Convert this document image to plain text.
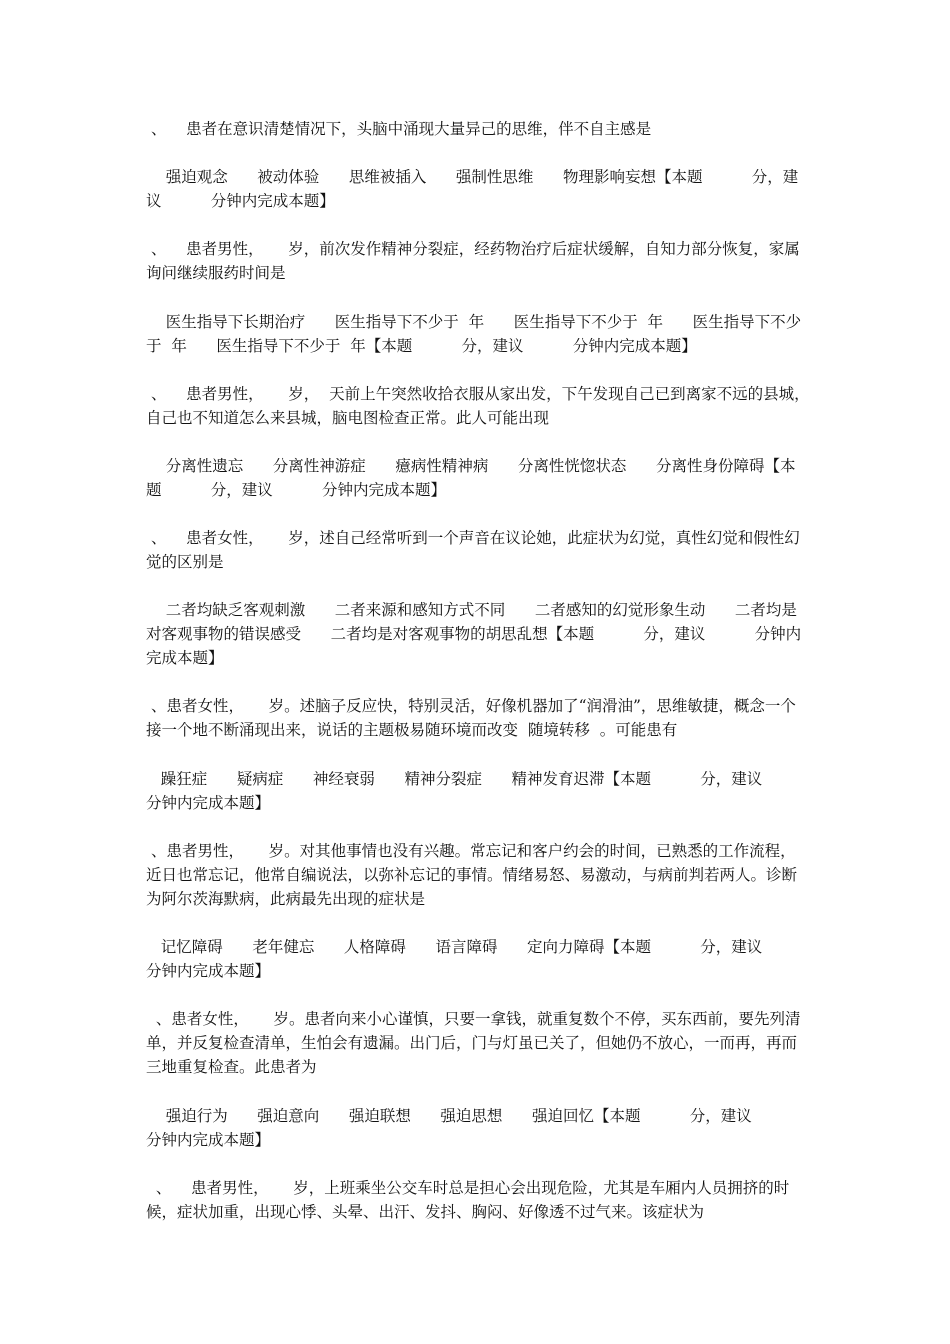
、    患者在意识清楚情况下，头脑中涌现大量异己的思维，伴不自主感是

强迫观念      被动体验      思维被插入      强制性思维      物理影响妄想【本题          分，建议          分钟内完成本题】

、    患者男性，     岁，前次发作精神分裂症，经药物治疗后症状缓解，自知力部分恢复，家属询问继续服药时间是

医生指导下长期治疗      医生指导下不少于  年      医生指导下不少于  年      医生指导下不少于  年      医生指导下不少于  年【本题          分，建议          分钟内完成本题】

、    患者男性，     岁，  天前上午突然收拾衣服从家出发，下午发现自己已到离家不远的县城，自己也不知道怎么来县城，脑电图检查正常。此人可能出现

分离性遗忘      分离性神游症      癔病性精神病      分离性恍惚状态      分离性身份障碍【本题          分，建议          分钟内完成本题】

、    患者女性，     岁，述自己经常听到一个声音在议论她，此症状为幻觉，真性幻觉和假性幻觉的区别是

二者均缺乏客观刺激      二者来源和感知方式不同      二者感知的幻觉形象生动      二者均是对客观事物的错误感受      二者均是对客观事物的胡思乱想【本题          分，建议          分钟内完成本题】

、患者女性，     岁。述脑子反应快，特别灵活，好像机器加了“润滑油”，思维敏捷，概念一个接一个地不断涌现出来，说话的主题极易随环境而改变  随境转移  。可能患有

躁狂症      疑病症      神经衰弱      精神分裂症      精神发育迟滞【本题          分，建议          分钟内完成本题】

、患者男性，     岁。对其他事情也没有兴趣。常忘记和客户约会的时间，已熟悉的工作流程，近日也常忘记，他常自编说法，以弥补忘记的事情。情绪易怒、易激动，与病前判若两人。诊断为阿尔茨海默病，此病最先出现的症状是

记忆障碍      老年健忘      人格障碍      语言障碍      定向力障碍【本题          分，建议          分钟内完成本题】

、患者女性，     岁。患者向来小心谨慎，只要一拿钱，就重复数个不停，买东西前，要先列清单，并反复检查清单，生怕会有遗漏。出门后，门与灯虽已关了，但她仍不放心，一而再，再而三地重复检查。此患者为

强迫行为      强迫意向      强迫联想      强迫思想      强迫回忆【本题          分，建议          分钟内完成本题】

、    患者男性，     岁，上班乘坐公交车时总是担心会出现危险，尤其是车厢内人员拥挤的时候，症状加重，出现心悸、头晕、出汗、发抖、胸闷、好像透不过气来。该症状为
